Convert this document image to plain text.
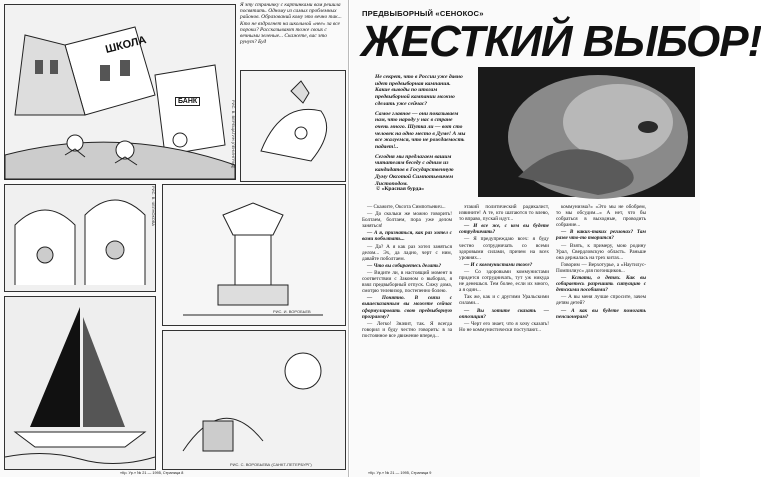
ШКОЛА
БАНК	РИС. В. ВЕРЕЩАГИН (ЛЕНИНГРАД)
Я эту страничку с картинками вам решила посвятить. Одному из самых проблемных районов. Образований кому это вечно так... Кто не вздрогнет на школьной «нее» за все пороки? Рассказывают тоже своих с вечными зеленые... Скажете, вас это рунут? Буд
РИС. В. ЧЕЛНОКОВА
РИС. И. ВОРОБЬЕВ
РИС. С. ВОРОБЬЕВА (САНКТ-ПЕТЕРБУРГ)
«Кр. Ур.» № 21 — 1995, Страница 8
ПРЕДВЫБОРНЫЙ «СЕНОКОС»
ЖЕСТКИЙ ВЫБОР!

Не секрет, что в России уже давно идет предвыборная кампания. Какие выводы по итогам предвыборной кампании можно сделать уже сейчас?

Самое главное — они показываем нам, что народу у нас в стране очень много. Шутка ли — вот сто человек на одно место в Думе! А мы все жалуемся, что не рождаемость падает!..

Сегодня мы предлагаем вашим читателям беседу с одним из кандидатов в Государственную Думу Оксотой Симпотьевичем Листоподом.

© «Красная бурда»

— Скажите, Оксота Симпотьевич...

— До скольки же можно говорить! Болтаем, болтаем, пора уже делом заняться!

— А я, признаться, как раз хотел с вами поболтать...

— Да? А я как раз хотел заняться делом... Эх, да ладно, черт с ним, давайте поболтаем.

— Что вы собираетесь делать?

— Видите ли, в настоящий момент в соответствии с Законом о выборах, я взял предвыборный отпуск. Сижу дома, смотрю телевизор, постепенно болею.

— Понятно. В связи с вышесказанным вы можете сейчас сформулировать свою предвыборную программу?

— Легко! Значит, так. Я всегда говорил и буду честно говорить: в за постоянное все движение вперед...

этакий политический радикалист, извините! А те, кто шатаются то влево, то вправо, пускай идут...

— И все же, с кем вы будете сотрудничать?

— Я предупреждаю всех: я буду честно сотрудничать со всеми здоровыми силами, причем на всех уровнях...

— И с коммунистами тоже?

— Со здоровыми коммунистами придется сотрудничать, тут уж никуда не денешься. Тем более, если их много, а я один...

Так же, как и с другими Уральскими силами...

— Вы хотите сказать — оппозиция?

— Черт его знает, что я хочу сказать! Но не коммунистически поступают...

коммунизма?» «Это мы не обобрем, то мы обсудим...» А нет, что бы собраться в выходные, проводить собрание...

— В каких-таких регионах? Там разве что-то творится?

— Взять, к примеру, мою родину Урал, Свердловскую область. Раньше она держалась на трех китах...

Говорим — Верхотурье, а «Наутилус-Помпилиус» для погонщиков...

— Кстати, о детях. Как вы собираетесь разрешить ситуацию с детскими пособиями?

— А вы меня лучше спросите, зачем детям детей?

— А как вы будете помогать пенсионерам?

«Кр. Ур.» № 21 — 1995, Страница 9
